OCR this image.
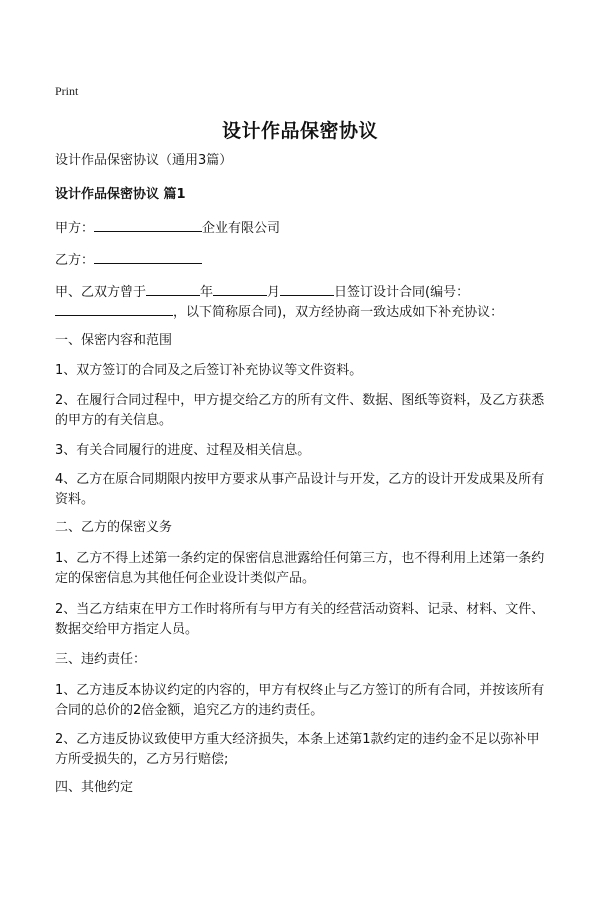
Print
设计作品保密协议
设计作品保密协议（通用3篇）
设计作品保密协议 篇1
甲方：	企业有限公司
乙方：
甲、乙双方曾于	年	月	日签订设计合同(编号：
，以下简称原合同)，双方经协商一致达成如下补充协议：
一、保密内容和范围
1、双方签订的合同及之后签订补充协议等文件资料。
2、在履行合同过程中，甲方提交给乙方的所有文件、数据、图纸等资料，及乙方获悉的甲方的有关信息。
3、有关合同履行的进度、过程及相关信息。
4、乙方在原合同期限内按甲方要求从事产品设计与开发，乙方的设计开发成果及所有资料。
二、乙方的保密义务
1、乙方不得上述第一条约定的保密信息泄露给任何第三方，也不得利用上述第一条约定的保密信息为其他任何企业设计类似产品。
2、当乙方结束在甲方工作时将所有与甲方有关的经营活动资料、记录、材料、文件、数据交给甲方指定人员。
三、违约责任：
1、乙方违反本协议约定的内容的，甲方有权终止与乙方签订的所有合同，并按该所有合同的总价的2倍金额，追究乙方的违约责任。
2、乙方违反协议致使甲方重大经济损失，本条上述第1款约定的违约金不足以弥补甲方所受损失的，乙方另行赔偿;
四、其他约定
